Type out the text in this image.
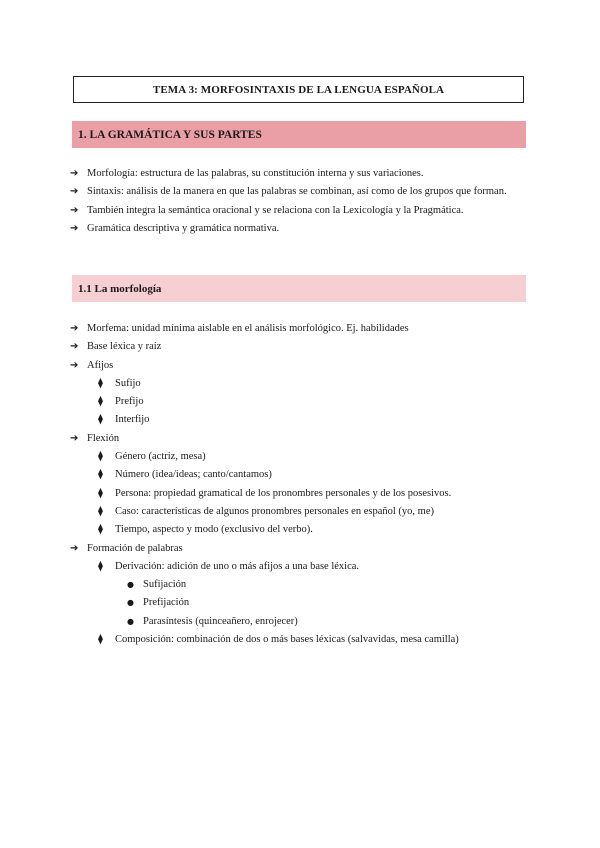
TEMA 3: MORFOSINTAXIS DE LA LENGUA ESPAÑOLA
1. LA GRAMÁTICA Y SUS PARTES
➔ Morfología: estructura de las palabras, su constitución interna y sus variaciones.
➔ Sintaxis: análisis de la manera en que las palabras se combinan, así como de los grupos que forman.
➔ También integra la semántica oracional y se relaciona con la Lexicología y la Pragmática.
➔ Gramática descriptiva y gramática normativa.
1.1 La morfología
➔ Morfema: unidad mínima aislable en el análisis morfológico. Ej. habilidades
➔ Base léxica y raíz
➔ Afijos
⧫	Sufijo
⧫	Prefijo
⧫	Interfijo
➔ Flexión
⧫	Género (actriz, mesa)
⧫	Número (idea/ideas; canto/cantamos)
⧫	Persona: propiedad gramatical de los pronombres personales y de los posesivos.
⧫	Caso: características de algunos pronombres personales en español (yo, me)
⧫	Tiempo, aspecto y modo (exclusivo del verbo).
➔ Formación de palabras
⧫	Derivación: adición de uno o más afijos a una base léxica.
● Sufijación
● Prefijación
● Parasíntesis (quinceañero, enrojecer)
⧫	Composición: combinación de dos o más bases léxicas (salvavidas, mesa camilla)
